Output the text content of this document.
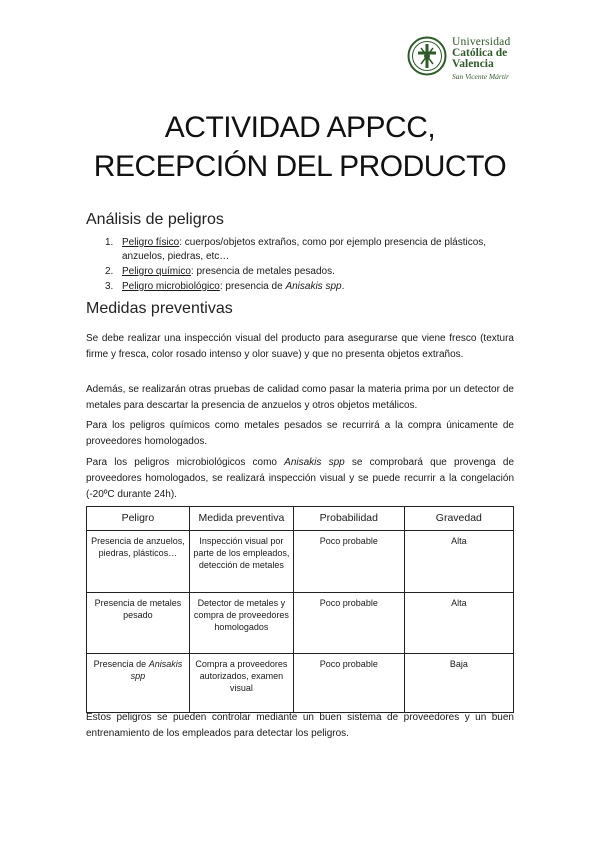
Universidad
Católica de
Valencia
San Vicente Mártir
ACTIVIDAD APPCC,
RECEPCIÓN DEL PRODUCTO
Análisis de peligros
1. Peligro físico: cuerpos/objetos extraños, como por ejemplo presencia de plásticos, anzuelos, piedras, etc…
2. Peligro químico: presencia de metales pesados.
3. Peligro microbiológico: presencia de Anisakis spp.
Medidas preventivas
Se debe realizar una inspección visual del producto para asegurarse que viene fresco (textura firme y fresca, color rosado intenso y olor suave) y que no presenta objetos extraños.
Además, se realizarán otras pruebas de calidad como pasar la materia prima por un detector de metales para descartar la presencia de anzuelos y otros objetos metálicos.
Para los peligros químicos como metales pesados se recurrirá a la compra únicamente de proveedores homologados.
Para los peligros microbiológicos como Anisakis spp se comprobará que provenga de proveedores homologados, se realizará inspección visual y se puede recurrir a la congelación (-20ºC durante 24h).
Peligro	Medida preventiva	Probabilidad	Gravedad
Presencia de anzuelos, piedras, plásticos…	Inspección visual por parte de los empleados, detección de metales	Poco probable	Alta
Presencia de metales pesado	Detector de metales y compra de proveedores homologados	Poco probable	Alta
Presencia de Anisakis spp	Compra a proveedores autorizados, examen visual	Poco probable	Baja
Estos peligros se pueden controlar mediante un buen sistema de proveedores y un buen entrenamiento de los empleados para detectar los peligros.
